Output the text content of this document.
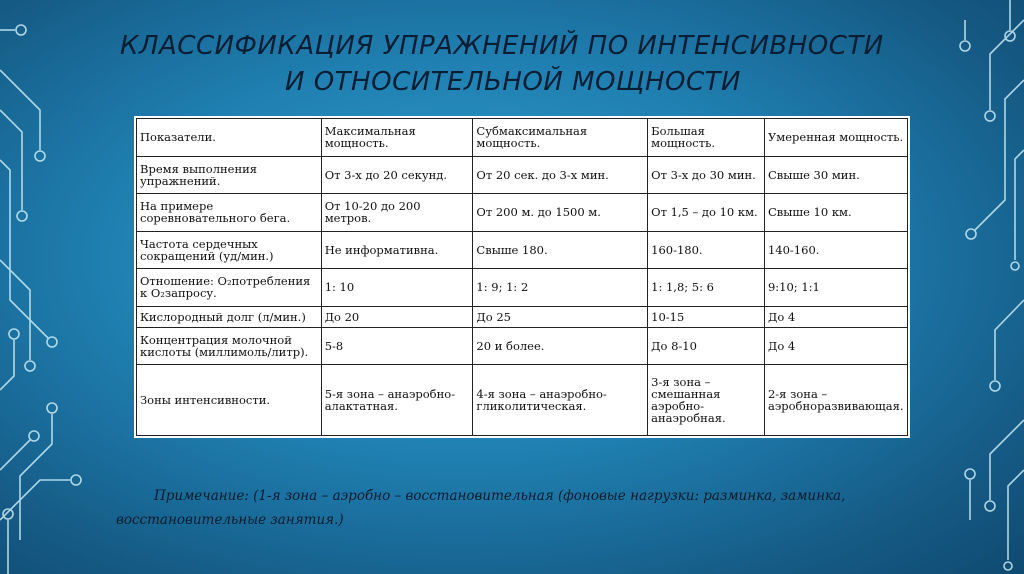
КЛАССИФИКАЦИЯ УПРАЖНЕНИЙ ПО ИНТЕНСИВНОСТИ
И ОТНОСИТЕЛЬНОЙ МОЩНОСТИ
Показатели.	Максимальная мощность.	Субмаксимальная мощность.	Большая мощность.	Умеренная мощность.
Время выполнения упражнений.	От 3-х до 20 секунд.	От 20 сек. до 3-х мин.	От 3-х до 30 мин.	Свыше 30 мин.
На примере соревновательного бега.	От 10-20 до 200 метров.	От 200 м. до 1500 м.	От 1,5 – до 10 км.	Свыше 10 км.
Частота сердечных сокращений (уд/мин.)	Не информативна.	Свыше 180.	160-180.	140-160.
Отношение: О₂потребления к О₂запросу.	1: 10	1: 9; 1: 2	1: 1,8; 5: 6	9:10; 1:1
Кислородный долг (л/мин.)	До 20	До 25	10-15	До 4
Концентрация молочной кислоты (миллимоль/литр).	5-8	20 и более.	До 8-10	До 4
Зоны интенсивности.	5-я зона – анаэробно-алактатная.	4-я зона – анаэробно-гликолитическая.	3-я зона – смешанная аэробно-анаэробная.	2-я зона – аэробноразвивающая.
Примечание: (1-я зона – аэробно – восстановительная (фоновые нагрузки: разминка, заминка,
восстановительные занятия.)
